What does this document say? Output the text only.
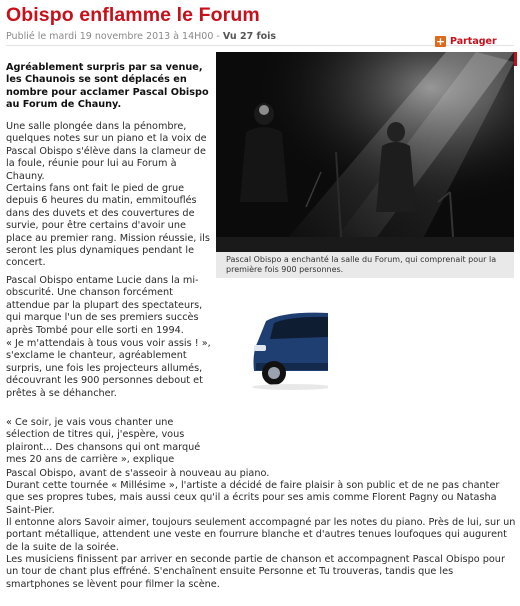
Obispo enflamme le Forum
Publié le mardi 19 novembre 2013 à 14H00 - Vu 27 fois	+ Partager
Pascal Obispo a enchanté la salle du Forum, qui comprenait pour la première fois 900 personnes.
Agréablement surpris par sa venue, les Chaunois se sont déplacés en nombre pour acclamer Pascal Obispo au Forum de Chauny.
Une salle plongée dans la pénombre, quelques notes sur un piano et la voix de Pascal Obispo s'élève dans la clameur de la foule, réunie pour lui au Forum à Chauny.
Certains fans ont fait le pied de grue depuis 6 heures du matin, emmitouflés dans des duvets et des couvertures de survie, pour être certains d'avoir une place au premier rang. Mission réussie, ils seront les plus dynamiques pendant le concert.
Pascal Obispo entame Lucie dans la mi-obscurité. Une chanson forcément attendue par la plupart des spectateurs, qui marque l'un de ses premiers succès après Tombé pour elle sorti en 1994.
« Je m'attendais à tous vous voir assis ! », s'exclame le chanteur, agréablement surpris, une fois les projecteurs allumés, découvrant les 900 personnes debout et prêtes à se déhancher.
« Ce soir, je vais vous chanter une sélection de titres qui, j'espère, vous plairont... Des chansons qui ont marqué mes 20 ans de carrière », explique
Pascal Obispo, avant de s'asseoir à nouveau au piano.
Durant cette tournée « Millésime », l'artiste a décidé de faire plaisir à son public et de ne pas chanter que ses propres tubes, mais aussi ceux qu'il a écrits pour ses amis comme Florent Pagny ou Natasha Saint-Pier.
Il entonne alors Savoir aimer, toujours seulement accompagné par les notes du piano. Près de lui, sur un portant métallique, attendent une veste en fourrure blanche et d'autres tenues loufoques qui augurent de la suite de la soirée.
Les musiciens finissent par arriver en seconde partie de chanson et accompagnent Pascal Obispo pour un tour de chant plus effréné. S'enchaînent ensuite Personne et Tu trouveras, tandis que les smartphones se lèvent pour filmer la scène.
